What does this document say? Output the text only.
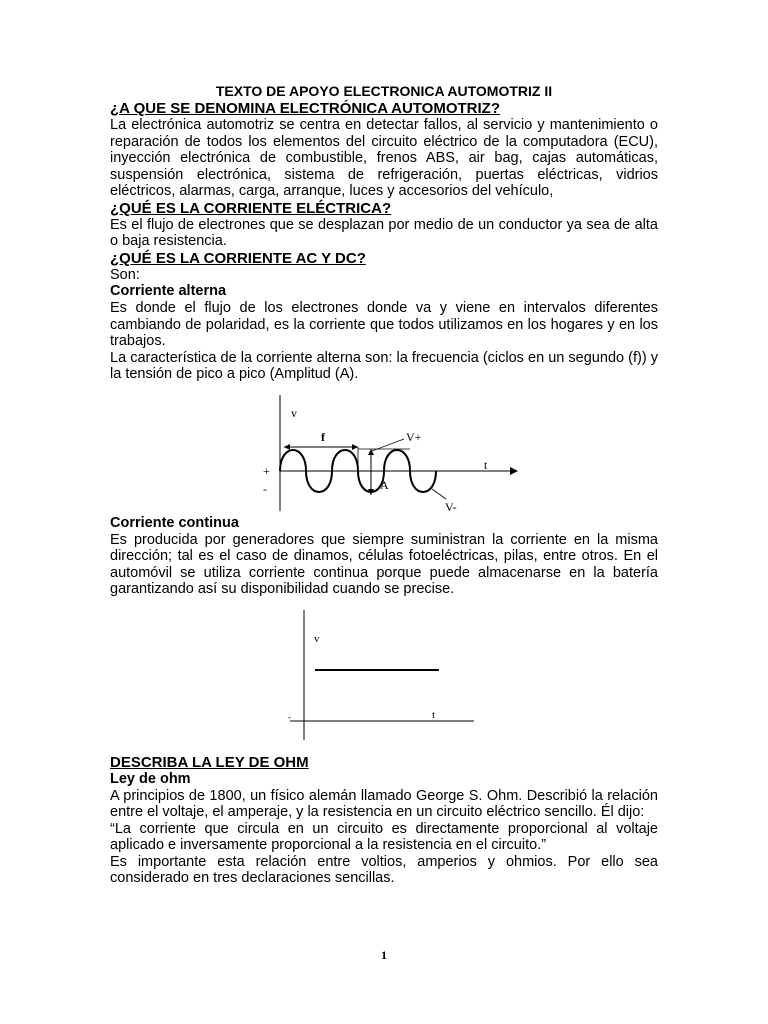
TEXTO DE APOYO ELECTRONICA AUTOMOTRIZ II

¿A QUE SE DENOMINA ELECTRÓNICA AUTOMOTRIZ?

La electrónica automotriz se centra en detectar fallos, al servicio y mantenimiento o reparación de todos los elementos del circuito eléctrico de la computadora (ECU), inyección electrónica de combustible, frenos ABS, air bag, cajas automáticas, suspensión electrónica, sistema de refrigeración, puertas eléctricas, vidrios eléctricos, alarmas, carga, arranque, luces y accesorios del vehículo,

¿QUÉ ES LA CORRIENTE ELÉCTRICA?

Es el flujo de electrones que se desplazan por medio de un conductor ya sea de alta o baja resistencia.

¿QUÉ ES LA CORRIENTE AC Y DC?

Son:

Corriente alterna

Es donde el flujo de los electrones donde va y viene en intervalos diferentes cambiando de polaridad, es la corriente que todos utilizamos en los hogares y en los trabajos.

La característica de la corriente alterna son: la frecuencia (ciclos en un segundo (f)) y la tensión de pico a pico (Amplitud (A).

v
f	V+
t
+
-	A
V-

Corriente continua

Es producida por generadores que siempre suministran la corriente en la misma dirección; tal es el caso de dinamos, células fotoeléctricas, pilas, entre otros. En el automóvil se utiliza corriente continua porque puede almacenarse en la batería garantizando así su disponibilidad cuando se precise.

v
t
-

DESCRIBA LA LEY DE OHM

Ley de ohm

A principios de 1800, un físico alemán llamado George S. Ohm. Describió la relación entre el voltaje, el amperaje, y la resistencia en un circuito eléctrico sencillo. Él dijo:

“La corriente que circula en un circuito es directamente proporcional al voltaje aplicado e inversamente proporcional a la resistencia en el circuito.”

Es importante esta relación entre voltios, amperios y ohmios. Por ello sea considerado en tres declaraciones sencillas.

1
